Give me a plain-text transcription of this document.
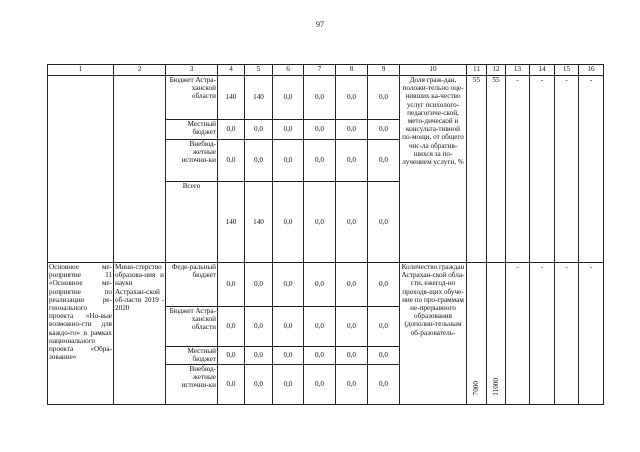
97
1	2	3	4	5	6	7	8	9	10	11	12	13	14	15	16
		Бюджет Астра-ханской области	140	140	0,0	0,0	0,0	0,0	Доля граж-дан, положи-тельно оце-нивших ка-чество услуг психолого-педагогиче-ской, мето-дической и консульта-тивной по-мощи, от общего чис-ла обратив-шихся за по-лучением услуги, %	55	55	-	-	-	-
		Местный бюджет	0,0	0,0	0,0	0,0	0,0	0,0							
		Внебюд-жетные источни-ки	0,0	0,0	0,0	0,0	0,0	0,0							
		Всего	140	140	0,0	0,0	0,0	0,0							
Основное ме-роприятие 11 «Основное ме-роприятие по реализации ре-гионального проекта «Но-вые возможно-сти для каждо-го» в рамках национального проекта «Обра-зование»	Мини-стерство образова-ния и науки Астрахан-ской об-ласти 2019 - 2020	Феде-ральный бюджет	0,0	0,0	0,0	0,0	0,0	0,0	Количество граждан Астрахан-ской обла-сти, ежегод-но проходя-щих обуче-ние по про-граммам не-прерывного образования (дополни-тельным об-разователь-	7000	11000	-	-	-	-
		Бюджет Астра-ханской области	0,0	0,0	0,0	0,0	0,0	0,0							
		Местный бюджет	0,0	0,0	0,0	0,0	0,0	0,0							
		Внебюд-жетные источни-ки	0,0	0,0	0,0	0,0	0,0	0,0							
